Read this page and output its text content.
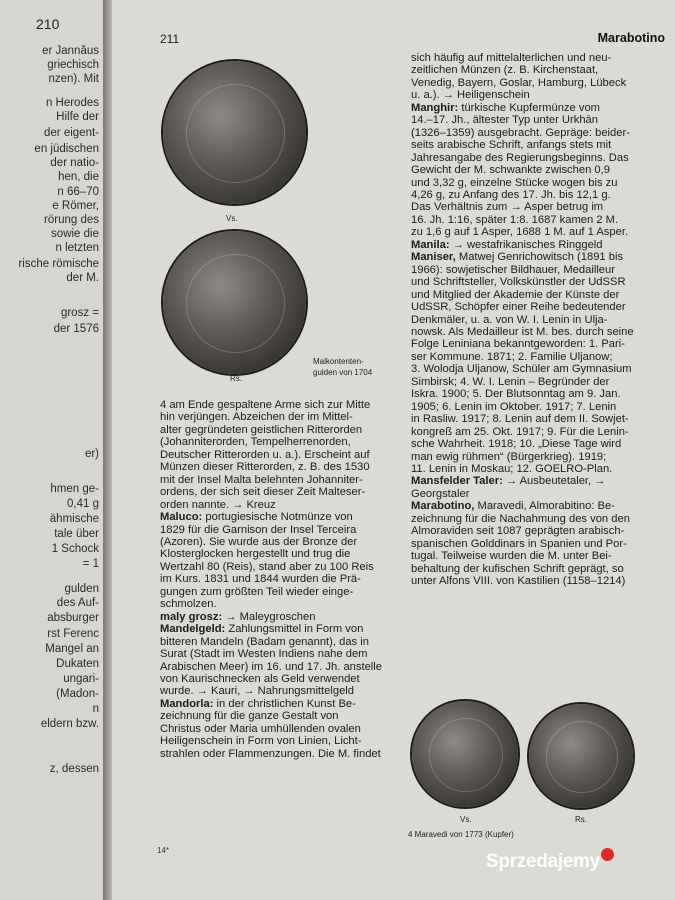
210
er Jannăus
griechisch
nzen). Mit
n Herodes
Hilfe der
der eigent-
en jüdischen
der natio-
hen, die
n 66–70
e Römer,
rörung des
sowie die
n letzten
rische römische
der M.
grosz =
der 1576
er)
hmen ge-
0,41 g
ähmische
tale über
1 Schock
= 1
gulden
des Auf-
absburger
rst Ferenc
Mangel an
Dukaten
ungari-
(Madon-
n
eldern bzw.
z, dessen
211	Marabotino
Vs.
Rs.
Malkontenten-
gulden von 1704

4 am Ende gespaltene Arme sich zur Mitte

hin verjüngen. Abzeichen der im Mittel-

alter gegründeten geistlichen Ritterorden

(Johanniterorden, Tempelherrenorden,

Deutscher Ritterorden u. a.). Erscheint auf

Münzen dieser Ritterorden, z. B. des 1530

mit der Insel Malta belehnten Johanniter-

ordens, der sich seit dieser Zeit Malteser-

orden nannte. → Kreuz

Maluco: portugiesische Notmünze von

1829 für die Garnison der Insel Terceira

(Azoren). Sie wurde aus der Bronze der

Klosterglocken hergestellt und trug die

Wertzahl 80 (Reis), stand aber zu 100 Reis

im Kurs. 1831 und 1844 wurden die Prä-

gungen zum größten Teil wieder einge-

schmolzen.

maly grosz: → Maleygroschen

Mandelgeld: Zahlungsmittel in Form von

bitteren Mandeln (Badam genannt), das in

Surat (Stadt im Westen Indiens nahe dem

Arabischen Meer) im 16. und 17. Jh. anstelle

von Kaurischnecken als Geld verwendet

wurde. → Kauri, → Nahrungsmittelgeld

Mandorla: in der christlichen Kunst Be-

zeichnung für die ganze Gestalt von

Christus oder Maria umhüllenden ovalen

Heiligenschein in Form von Linien, Licht-

strahlen oder Flammenzungen. Die M. findet

sich häufig auf mittelalterlichen und neu-

zeitlichen Münzen (z. B. Kirchenstaat,

Venedig, Bayern, Goslar, Hamburg, Lübeck

u. a.). → Heiligenschein

Manghir: türkische Kupfermünze vom

14.–17. Jh., ältester Typ unter Urkhān

(1326–1359) ausgebracht. Gepräge: beider-

seits arabische Schrift, anfangs stets mit

Jahresangabe des Regierungsbeginns. Das

Gewicht der M. schwankte zwischen 0,9

und 3,32 g, einzelne Stücke wogen bis zu

4,26 g, zu Anfang des 17. Jh. bis 12,1 g.

Das Verhältnis zum → Asper betrug im

16. Jh. 1:16, später 1:8. 1687 kamen 2 M.

zu 1,6 g auf 1 Asper, 1688 1 M. auf 1 Asper.

Manila: → westafrikanisches Ringgeld

Maniser, Matwej Genrichowitsch (1891 bis

1966): sowjetischer Bildhauer, Medailleur

und Schriftsteller, Volkskünstler der UdSSR

und Mitglied der Akademie der Künste der

UdSSR, Schöpfer einer Reihe bedeutender

Denkmäler, u. a. von W. I. Lenin in Ulja-

nowsk. Als Medailleur ist M. bes. durch seine

Folge Leniniana bekanntgeworden: 1. Pari-

ser Kommune. 1871; 2. Familie Uljanow;

3. Wolodja Uljanow, Schüler am Gymnasium

Simbirsk; 4. W. I. Lenin – Begründer der

Iskra. 1900; 5. Der Blutsonntag am 9. Jan.

1905; 6. Lenin im Oktober. 1917; 7. Lenin

in Rasliw. 1917; 8. Lenin auf dem II. Sowjet-

kongreß am 25. Okt. 1917; 9. Für die Lenin-

sche Wahrheit. 1918; 10. „Diese Tage wird

man ewig rühmen“ (Bürgerkrieg). 1919;

11. Lenin in Moskau; 12. GOELRO-Plan.

Mansfelder Taler: → Ausbeutetaler, →

Georgstaler

Marabotino, Maravedi, Almorabitino: Be-

zeichnung für die Nachahmung des von den

Almoraviden seit 1087 geprägten arabisch-

spanischen Golddinars in Spanien und Por-

tugal. Teilweise wurden die M. unter Bei-

behaltung der kufischen Schrift geprägt, so

unter Alfons VIII. von Kastilien (1158–1214)

Vs.	Rs.
4 Maravedi von 1773 (Kupfer)
14*
Sprzedajemy
